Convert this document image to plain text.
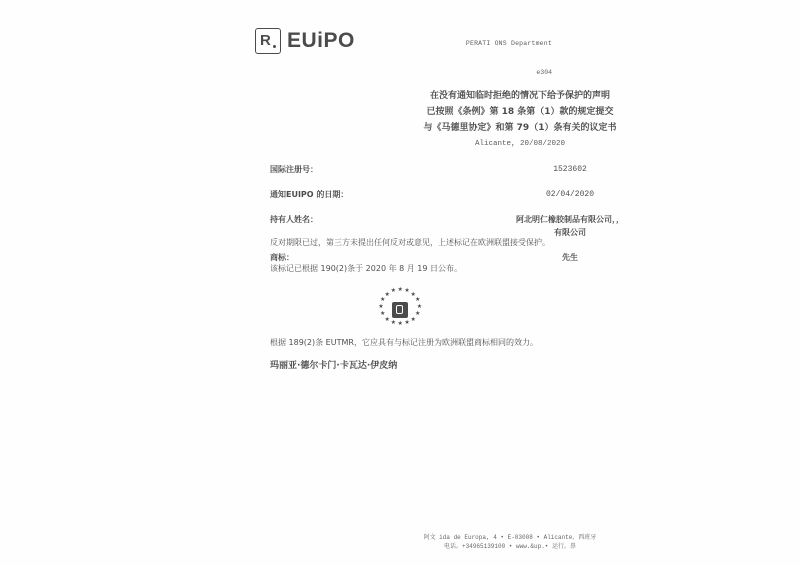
R EUiPO	PERATI ONS Department
e304
在没有通知临时拒绝的情况下给予保护的声明
已按照《条例》第 18 条第（1）款的规定提交
与《马德里协定》和第 79（1）条有关的议定书
Alicante, 20/08/2020
国际注册号：	1523602
通知EUIPO 的日期：	02/04/2020
持有人姓名：	阿北明仁橡胶制品有限公司，，
有限公司
商标：	先生
反对期限已过，第三方未提出任何反对或意见，上述标记在欧洲联盟接受保护。
该标记已根据 190(2)条于 2020 年 8 月 19 日公布。
★ ★
★
★
★
★
★
★
★
★
★
★
★
★
★
★
根据 189(2)条 EUTMR，它应具有与标记注册为欧洲联盟商标相同的效力。
玛丽亚·德尔卡门·卡瓦达·伊皮纳
阿文 ida de Europa, 4 • E-03008 • Alicante、西班牙
电话。+34965139100 • www.&up.• 运行。鼻
